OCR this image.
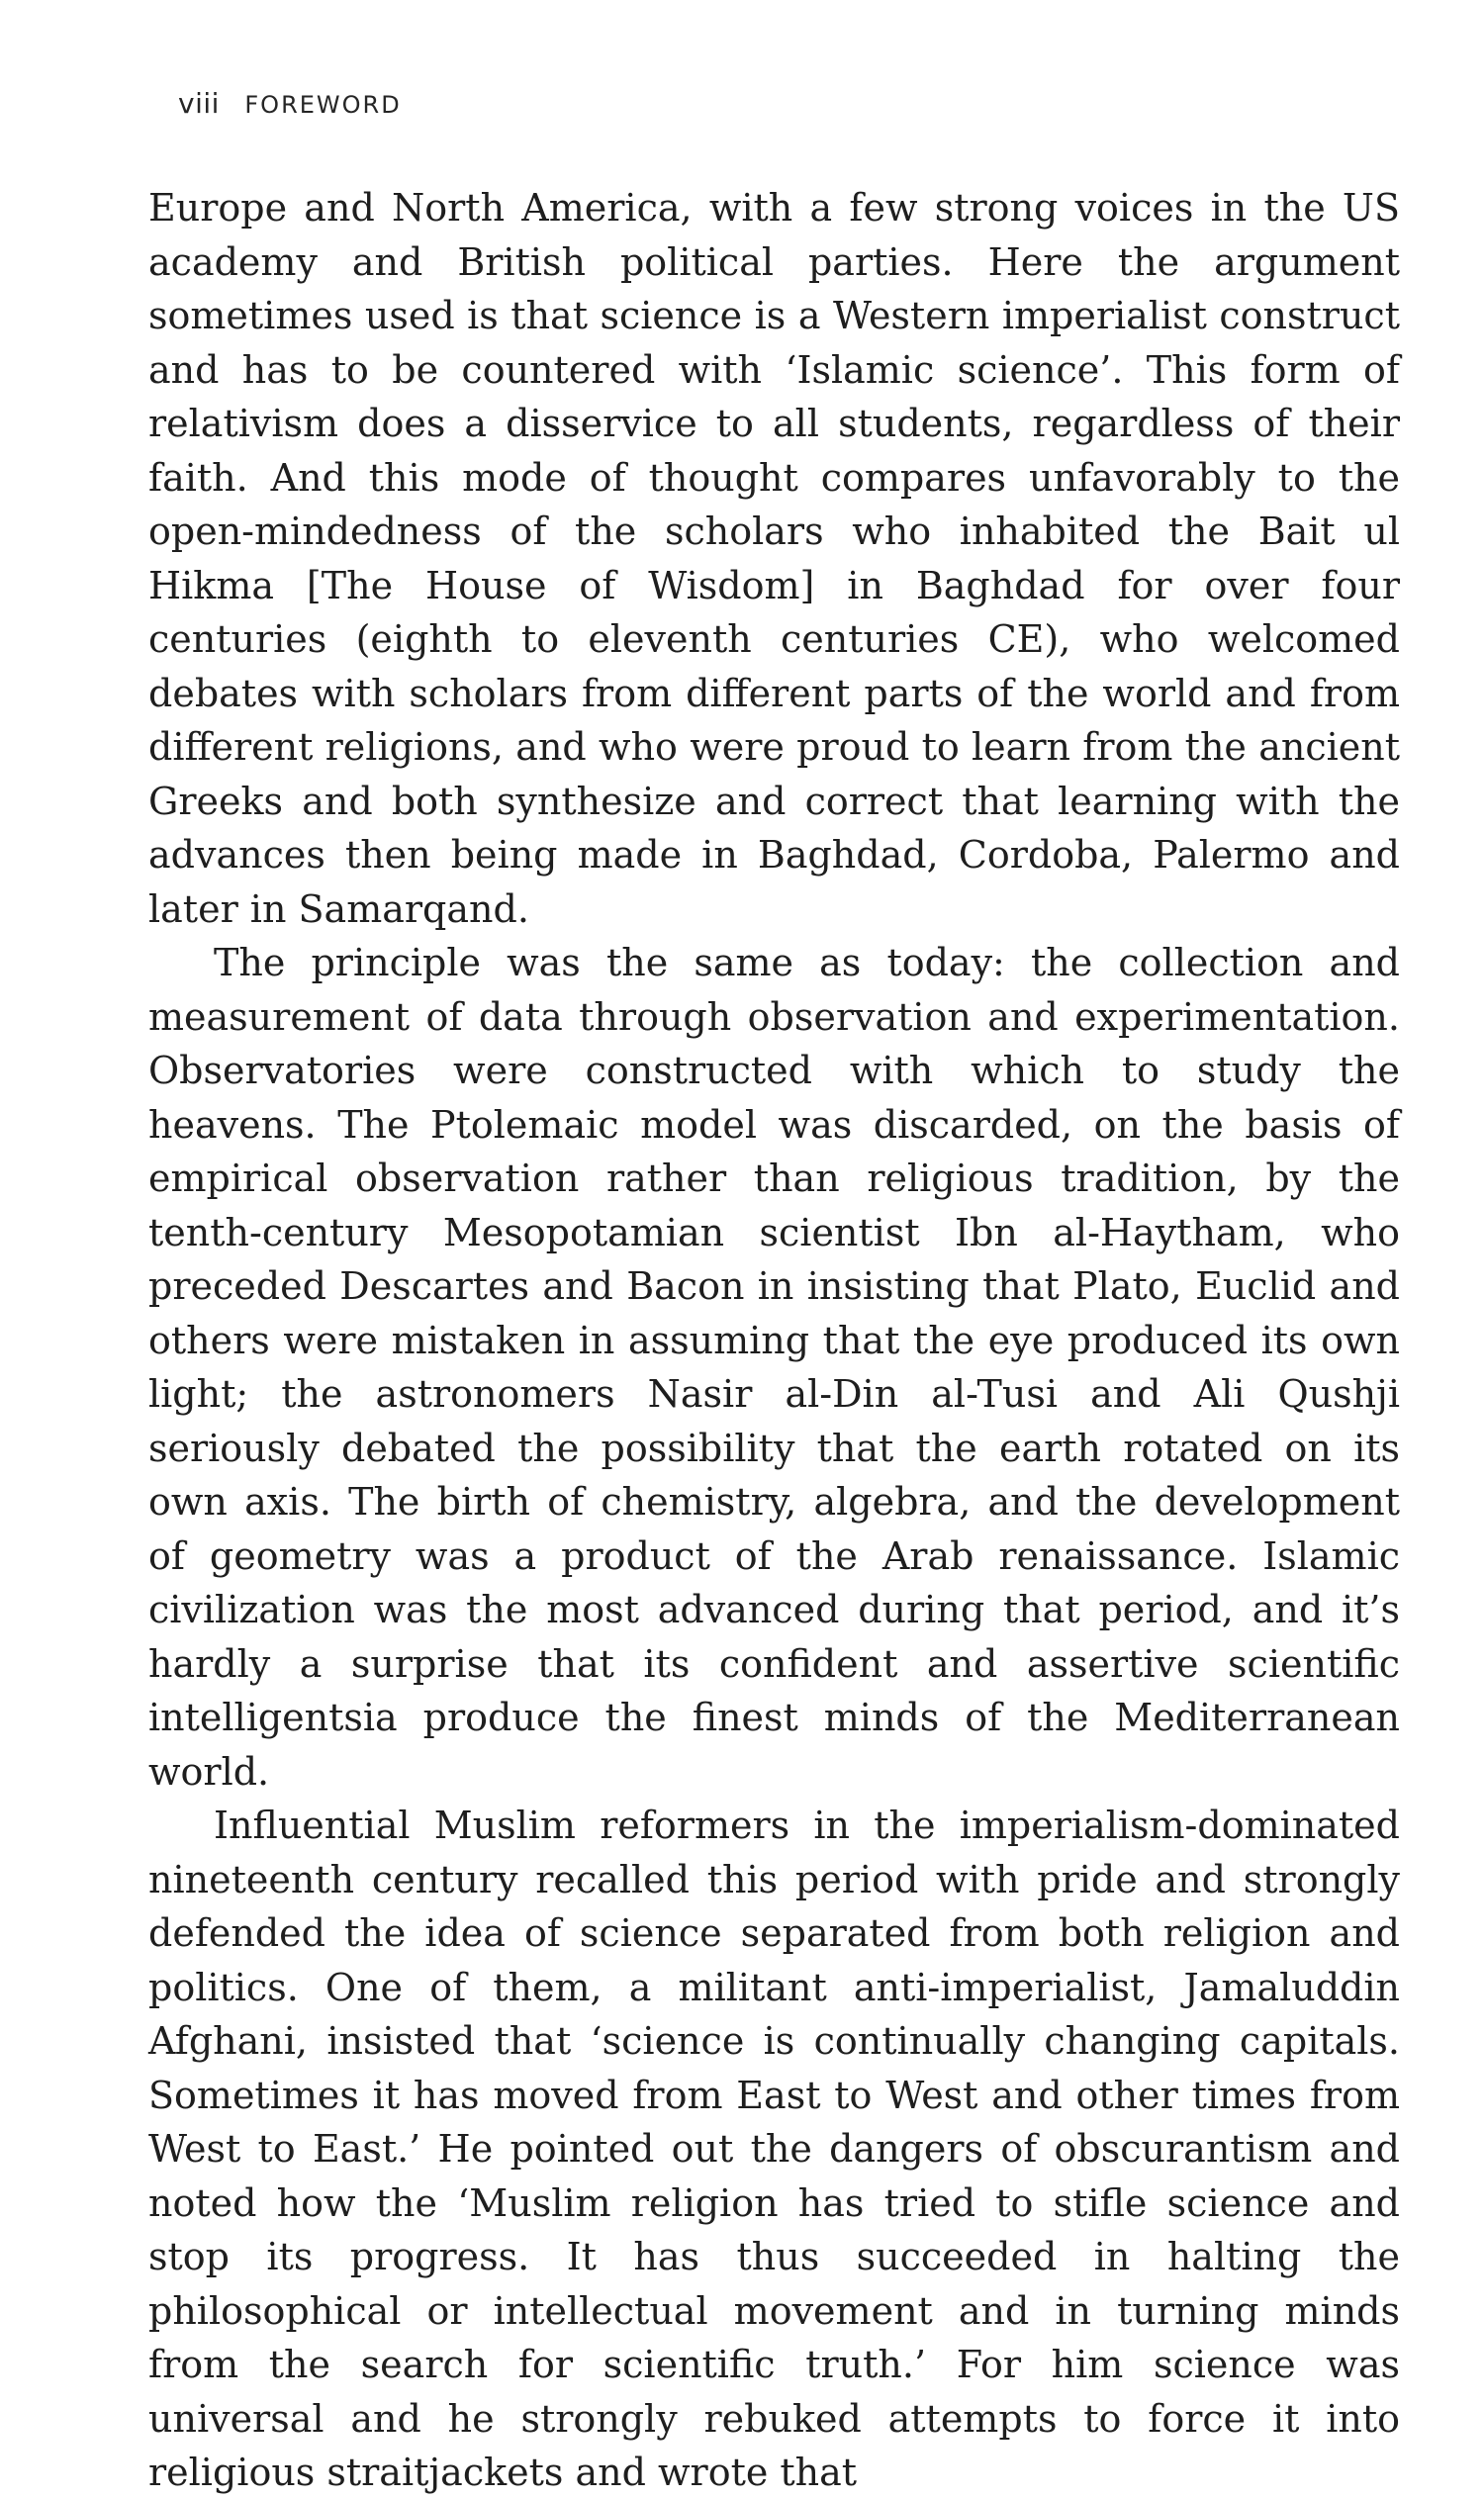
viii FOREWORD

Europe and North America, with a few strong voices in the US academy and British political parties. Here the argument sometimes used is that science is a Western imperialist construct and has to be countered with ‘Islamic science’. This form of relativism does a disservice to all students, regardless of their faith. And this mode of thought compares unfavorably to the open-mindedness of the scholars who inhabited the Bait ul Hikma [The House of Wisdom] in Baghdad for over four centuries (eighth to eleventh centuries CE), who welcomed debates with scholars from different parts of the world and from different religions, and who were proud to learn from the ancient Greeks and both synthesize and correct that learning with the advances then being made in Baghdad, Cordoba, Palermo and later in Samarqand.

The principle was the same as today: the collection and measurement of data through observation and experimentation. Observatories were constructed with which to study the heavens. The Ptolemaic model was discarded, on the basis of empirical observation rather than religious tradition, by the tenth-century Mesopotamian scientist Ibn al-Haytham, who preceded Descartes and Bacon in insisting that Plato, Euclid and others were mistaken in assuming that the eye produced its own light; the astronomers Nasir al-Din al-Tusi and Ali Qushji seriously debated the possibility that the earth rotated on its own axis. The birth of chemistry, algebra, and the development of geometry was a product of the Arab renaissance. Islamic civilization was the most advanced during that period, and it’s hardly a surprise that its confident and assertive scientific intelligentsia produce the finest minds of the Mediterranean world.

Influential Muslim reformers in the imperialism-dominated nineteenth century recalled this period with pride and strongly defended the idea of science separated from both religion and politics. One of them, a militant anti-imperialist, Jamaluddin Afghani, insisted that ‘science is continually changing capitals. Sometimes it has moved from East to West and other times from West to East.’ He pointed out the dangers of obscurantism and noted how the ‘Muslim religion has tried to stifle science and stop its progress. It has thus succeeded in halting the philosophical or intellectual movement and in turning minds from the search for scientific truth.’ For him science was universal and he strongly rebuked attempts to force it into religious straitjackets and wrote that
